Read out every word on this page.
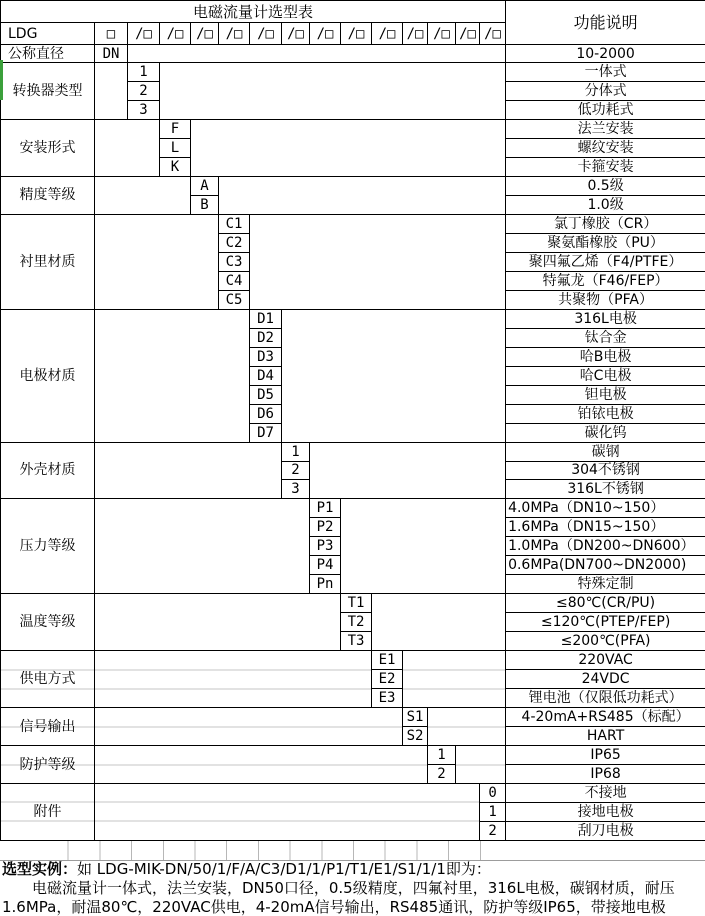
电磁流量计选型表															功能说明
LDG	□	/□	/□	/□	/□	/□	/□	/□	/□	/□	/□	/□	/□	/□	
公称直径	DN														10-2000
转换器类型		1													一体式
		2													分体式
		3													低功耗式
安装形式			F												法兰安装
			L												螺纹安装
			K												卡箍安装
精度等级				A											0.5级
				B											1.0级
衬里材质					C1										氯丁橡胶（CR）
					C2										聚氨酯橡胶（PU）
					C3										聚四氟乙烯（F4/PTFE）
					C4										特氟龙（F46/FEP）
					C5										共聚物（PFA）
电极材质						D1									316L电极
						D2									钛合金
						D3									哈B电极
						D4									哈C电极
						D5									钽电极
						D6									铂铱电极
						D7									碳化钨
外壳材质							1								碳钢
							2								304不锈钢
							3								316L不锈钢
压力等级								P1							4.0MPa（DN10~150）
								P2							1.6MPa（DN15~150）
								P3							1.0MPa（DN200~DN600）
								P4							0.6MPa(DN700~DN2000)
								Pn							特殊定制
温度等级									T1						≤80℃(CR/PU)
									T2						≤120℃(PTEP/FEP)
									T3						≤200℃(PFA)
供电方式										E1					220VAC
										E2					24VDC
										E3					锂电池（仅限低功耗式）
信号输出											S1				4-20mA+RS485（标配）
											S2				HART
防护等级												1			IP65
												2			IP68
附件														0	不接地
														1	接地电极
														2	刮刀电极
选型实例：如 LDG-MIK-DN/50/1/F/A/C3/D1/1/P1/T1/E1/S1/1/1即为：
电磁流量计一体式，法兰安装，DN50口径，0.5级精度，四氟衬里，316L电极，碳钢材质，耐压
1.6MPa，耐温80℃，220VAC供电，4-20mA信号输出，RS485通讯，防护等级IP65，带接地电极
